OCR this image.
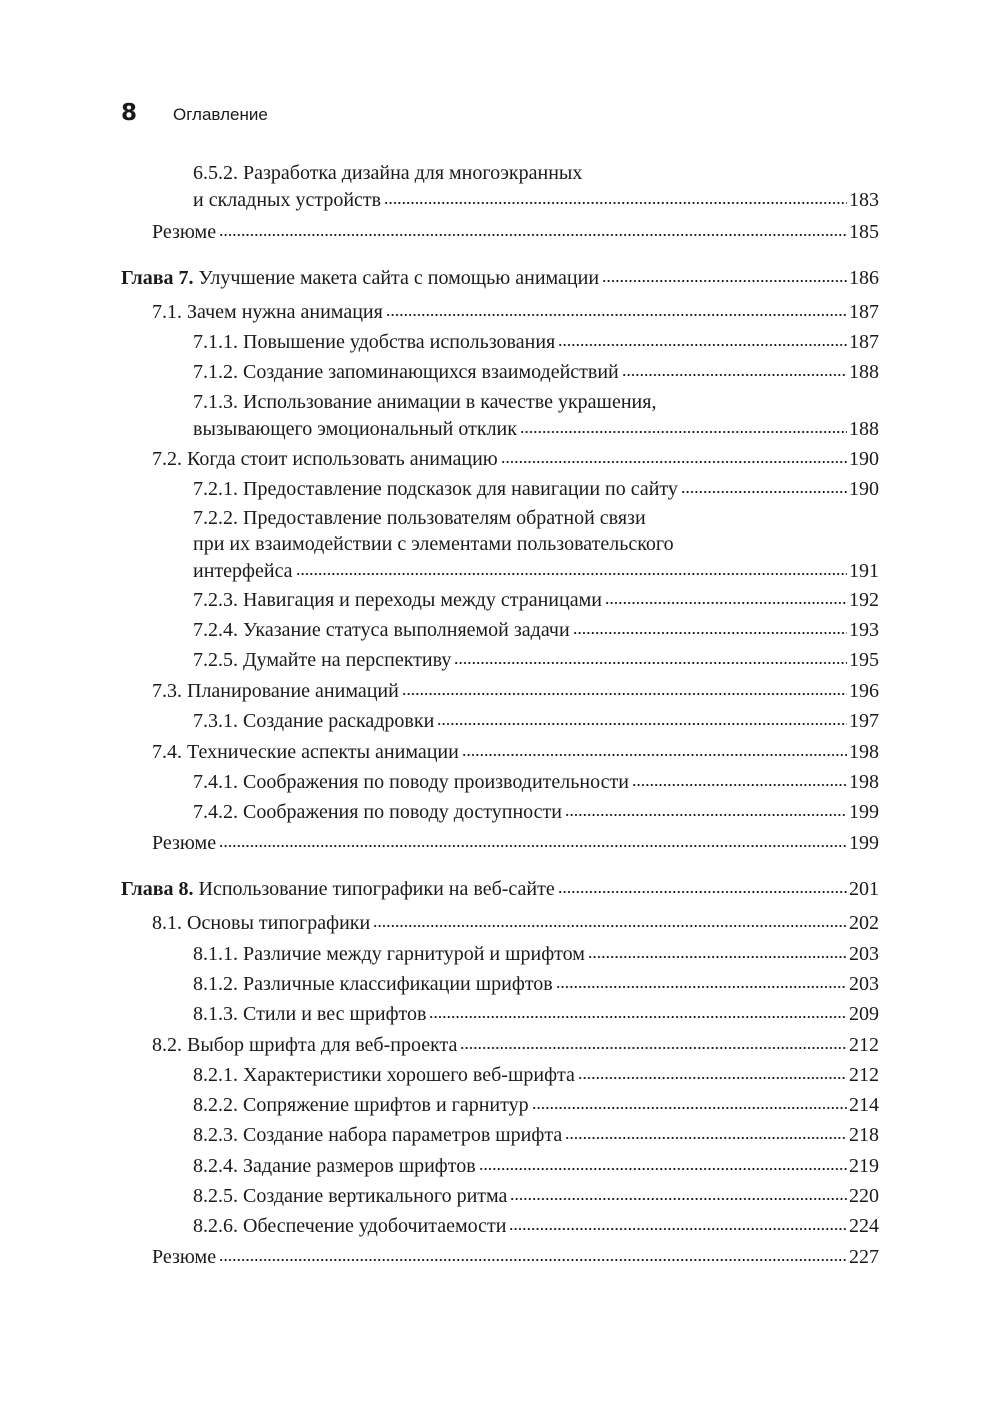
8 Оглавление
6.5.2. Разработка дизайна для многоэкранных
и складных устройств	183
Резюме	185
Глава 7. Улучшение макета сайта с помощью анимации	186
7.1. Зачем нужна анимация	187
7.1.1. Повышение удобства использования	187
7.1.2. Создание запоминающихся взаимодействий	188
7.1.3. Использование анимации в качестве украшения,
вызывающего эмоциональный отклик	188
7.2. Когда стоит использовать анимацию	190
7.2.1. Предоставление подсказок для навигации по сайту	190
7.2.2. Предоставление пользователям обратной связи
при их взаимодействии с элементами пользовательского
интерфейса	191
7.2.3. Навигация и переходы между страницами	192
7.2.4. Указание статуса выполняемой задачи	193
7.2.5. Думайте на перспективу	195
7.3. Планирование анимаций	196
7.3.1. Создание раскадровки	197
7.4. Технические аспекты анимации	198
7.4.1. Соображения по поводу производительности	198
7.4.2. Соображения по поводу доступности	199
Резюме	199
Глава 8. Использование типографики на веб-сайте	201
8.1. Основы типографики	202
8.1.1. Различие между гарнитурой и шрифтом	203
8.1.2. Различные классификации шрифтов	203
8.1.3. Стили и вес шрифтов	209
8.2. Выбор шрифта для веб-проекта	212
8.2.1. Характеристики хорошего веб-шрифта	212
8.2.2. Сопряжение шрифтов и гарнитур	214
8.2.3. Создание набора параметров шрифта	218
8.2.4. Задание размеров шрифтов	219
8.2.5. Создание вертикального ритма	220
8.2.6. Обеспечение удобочитаемости	224
Резюме	227
